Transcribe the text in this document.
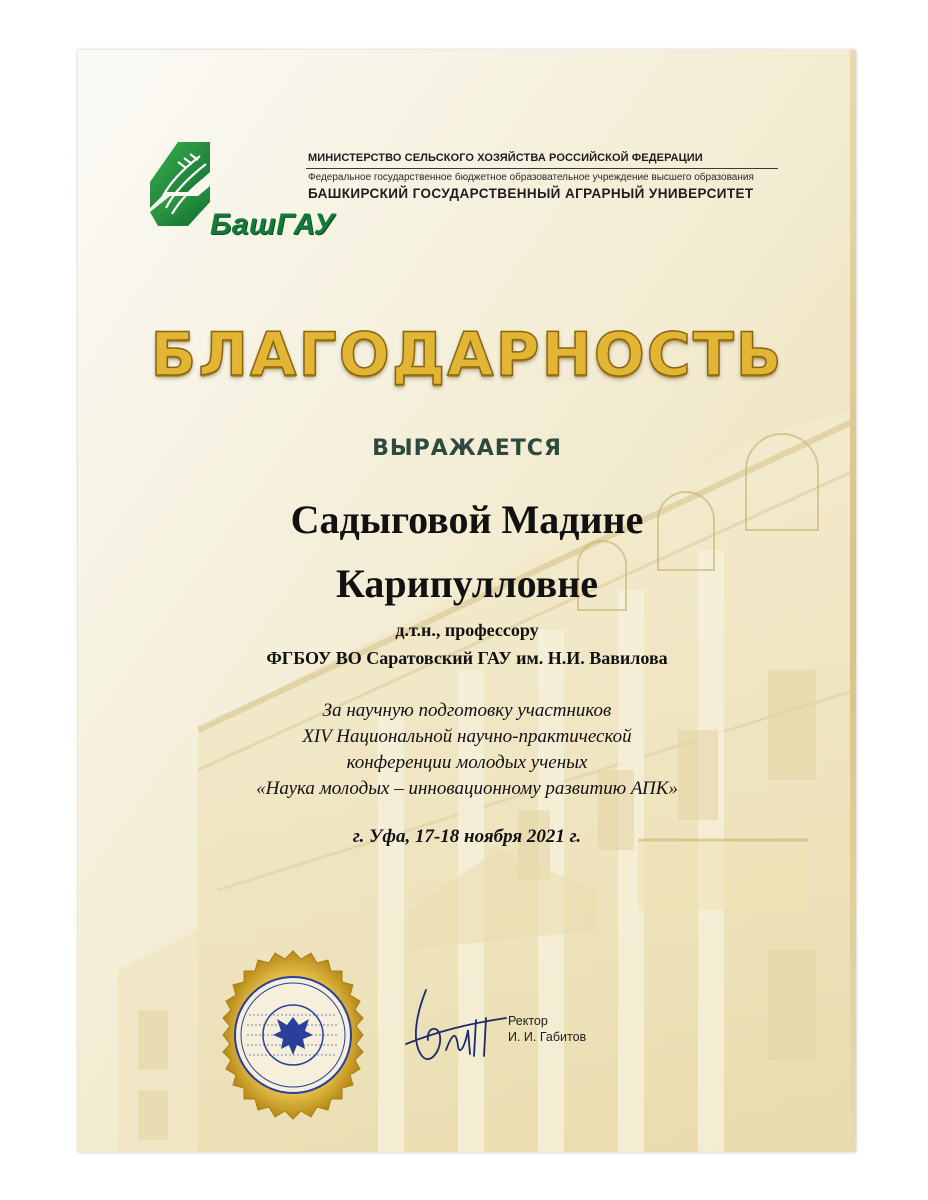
МИНИСТЕРСТВО СЕЛЬСКОГО ХОЗЯЙСТВА РОССИЙСКОЙ ФЕДЕРАЦИИ
Федеральное государственное бюджетное образовательное учреждение высшего образования
БАШКИРСКИЙ ГОСУДАРСТВЕННЫЙ АГРАРНЫЙ УНИВЕРСИТЕТ
БашГАУ
БЛАГОДАРНОСТЬ
ВЫРАЖАЕТСЯ
Садыговой Мадине
Карипулловне
д.т.н., профессору
ФГБОУ ВО Саратовский ГАУ им. Н.И. Вавилова
За научную подготовку участников
XIV Национальной научно-практической
конференции молодых ученых
«Наука молодых – инновационному развитию АПК»
г. Уфа, 17-18 ноября 2021 г.
Ректор
И. И. Габитов
